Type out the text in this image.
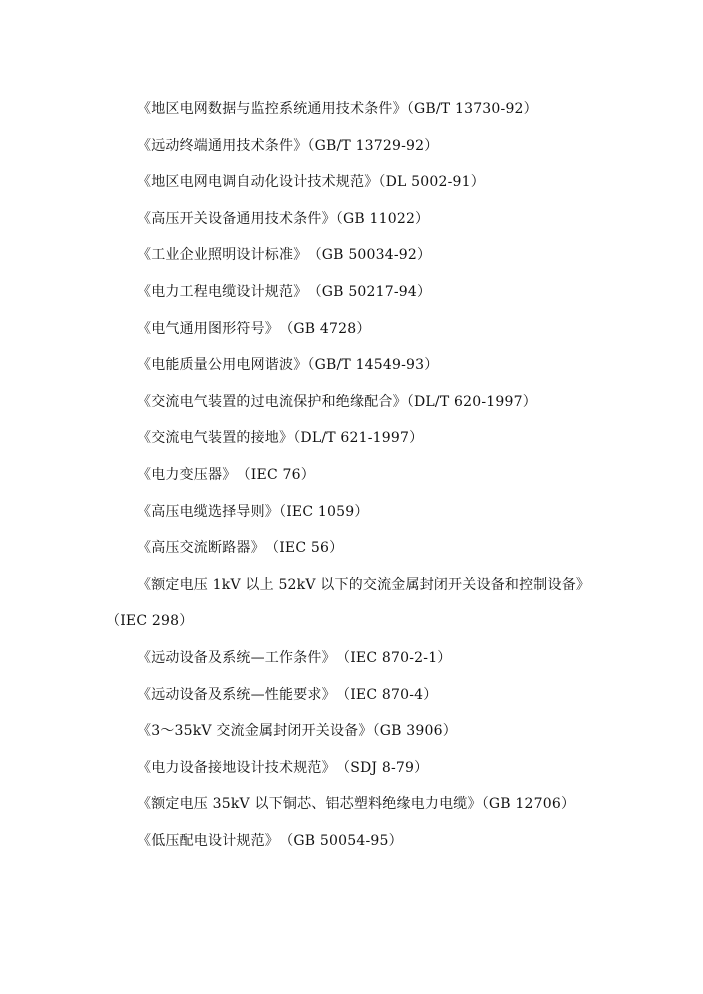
《地区电网数据与监控系统通用技术条件》（GB/T 13730-92）
《远动终端通用技术条件》（GB/T 13729-92）
《地区电网电调自动化设计技术规范》（DL 5002-91）
《高压开关设备通用技术条件》（GB 11022）
《工业企业照明设计标准》　（GB 50034-92）
《电力工程电缆设计规范》　（GB 50217-94）
《电气通用图形符号》　（GB 4728）
《电能质量公用电网谐波》（GB/T 14549-93）
《交流电气装置的过电流保护和绝缘配合》（DL/T 620-1997）
《交流电气装置的接地》（DL/T 621-1997）
《电力变压器》　（IEC 76）
《高压电缆选择导则》（IEC 1059）
《高压交流断路器》　（IEC 56）
《额定电压 1kV 以上 52kV 以下的交流金属封闭开关设备和控制设备》（IEC 298）
《远动设备及系统—工作条件》　（IEC 870-2-1）
《远动设备及系统—性能要求》　（IEC 870-4）
《3～35kV 交流金属封闭开关设备》（GB 3906）
《电力设备接地设计技术规范》　（SDJ 8-79）
《额定电压 35kV 以下铜芯、铝芯塑料绝缘电力电缆》（GB 12706）
《低压配电设计规范》　（GB 50054-95）
